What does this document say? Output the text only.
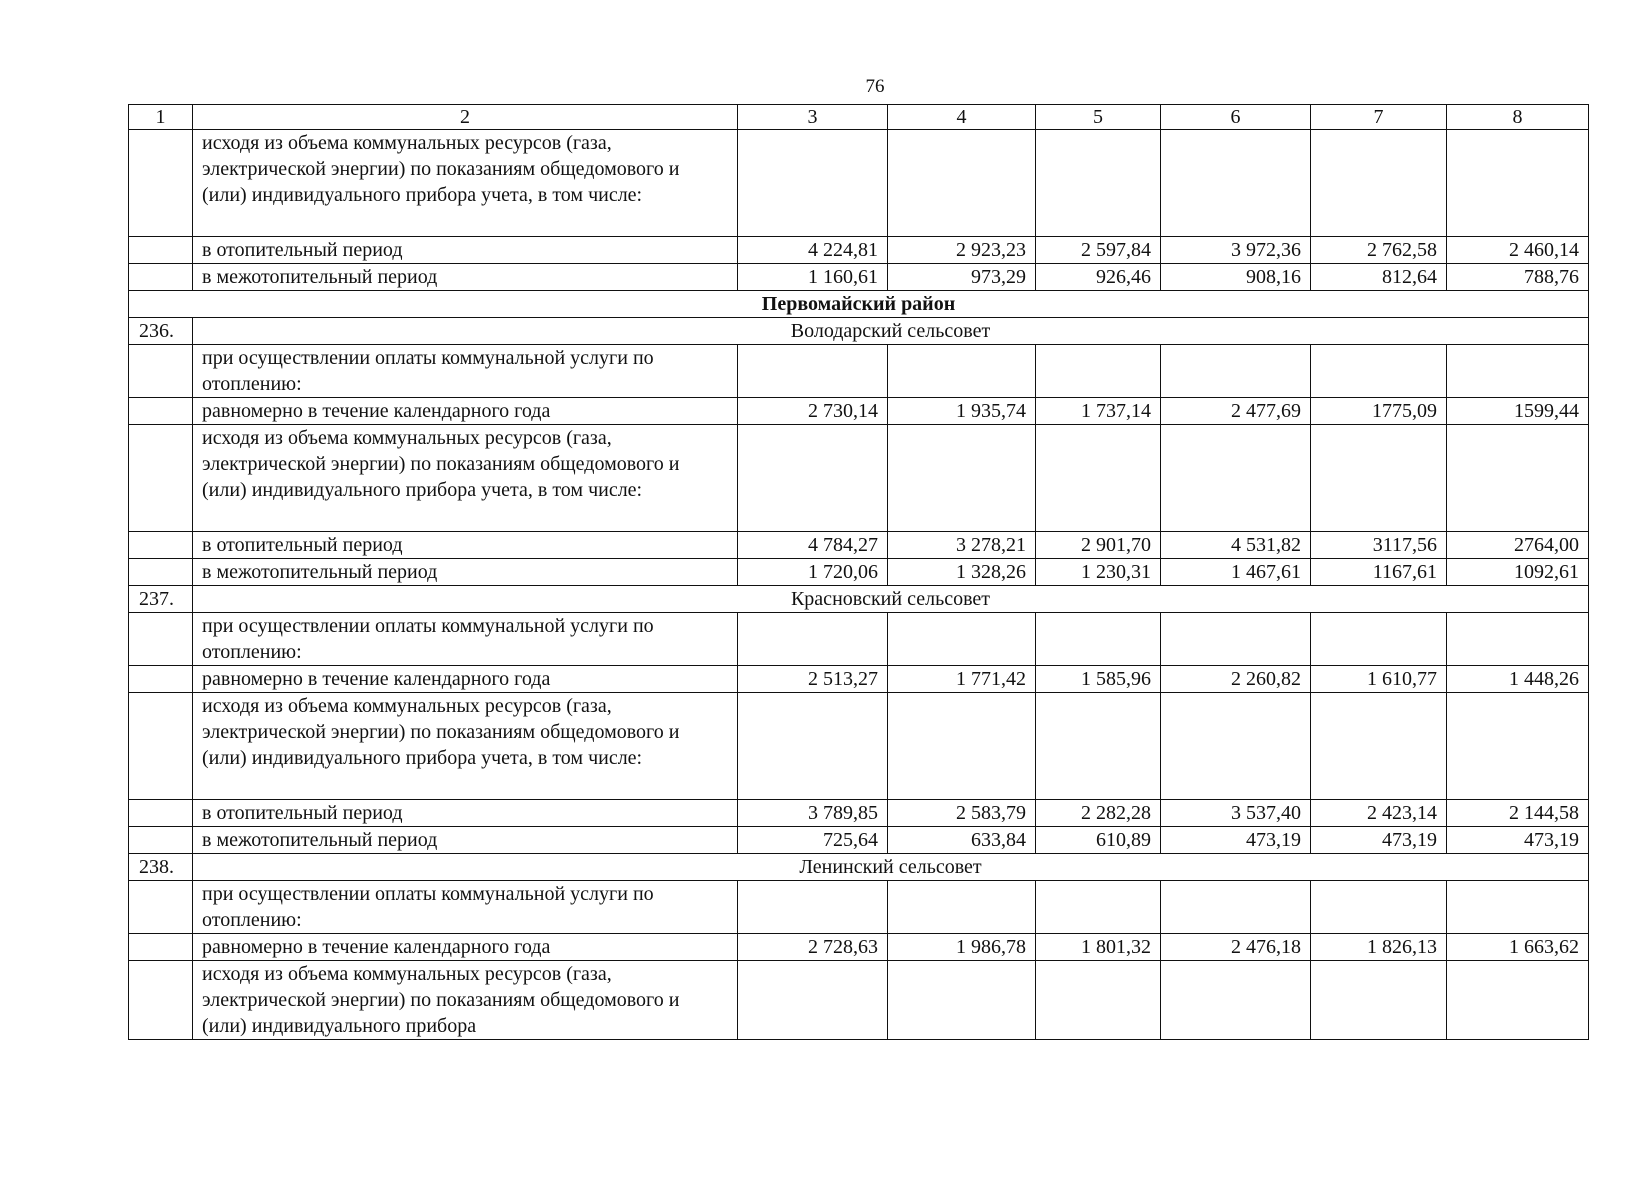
76
1	2	3	4	5	6	7	8
	исходя из объема коммунальных ресурсов (газа, электрической энергии) по показаниям общедомового и (или) индивидуального прибора учета, в том числе:						
	в отопительный период	4 224,81	2 923,23	2 597,84	3 972,36	2 762,58	2 460,14
	в межотопительный период	1 160,61	973,29	926,46	908,16	812,64	788,76
Первомайский район							
236.	Володарский сельсовет						
	при осуществлении оплаты коммунальной услуги по отоплению:						
	равномерно в течение календарного года	2 730,14	1 935,74	1 737,14	2 477,69	1775,09	1599,44
	исходя из объема коммунальных ресурсов (газа, электрической энергии) по показаниям общедомового и (или) индивидуального прибора учета, в том числе:						
	в отопительный период	4 784,27	3 278,21	2 901,70	4 531,82	3117,56	2764,00
	в межотопительный период	1 720,06	1 328,26	1 230,31	1 467,61	1167,61	1092,61
237.	Красновский сельсовет						
	при осуществлении оплаты коммунальной услуги по отоплению:						
	равномерно в течение календарного года	2 513,27	1 771,42	1 585,96	2 260,82	1 610,77	1 448,26
	исходя из объема коммунальных ресурсов (газа, электрической энергии) по показаниям общедомового и (или) индивидуального прибора учета, в том числе:						
	в отопительный период	3 789,85	2 583,79	2 282,28	3 537,40	2 423,14	2 144,58
	в межотопительный период	725,64	633,84	610,89	473,19	473,19	473,19
238.	Ленинский сельсовет						
	при осуществлении оплаты коммунальной услуги по отоплению:						
	равномерно в течение календарного года	2 728,63	1 986,78	1 801,32	2 476,18	1 826,13	1 663,62
	исходя из объема коммунальных ресурсов (газа, электрической энергии) по показаниям общедомового и (или) индивидуального прибора						
